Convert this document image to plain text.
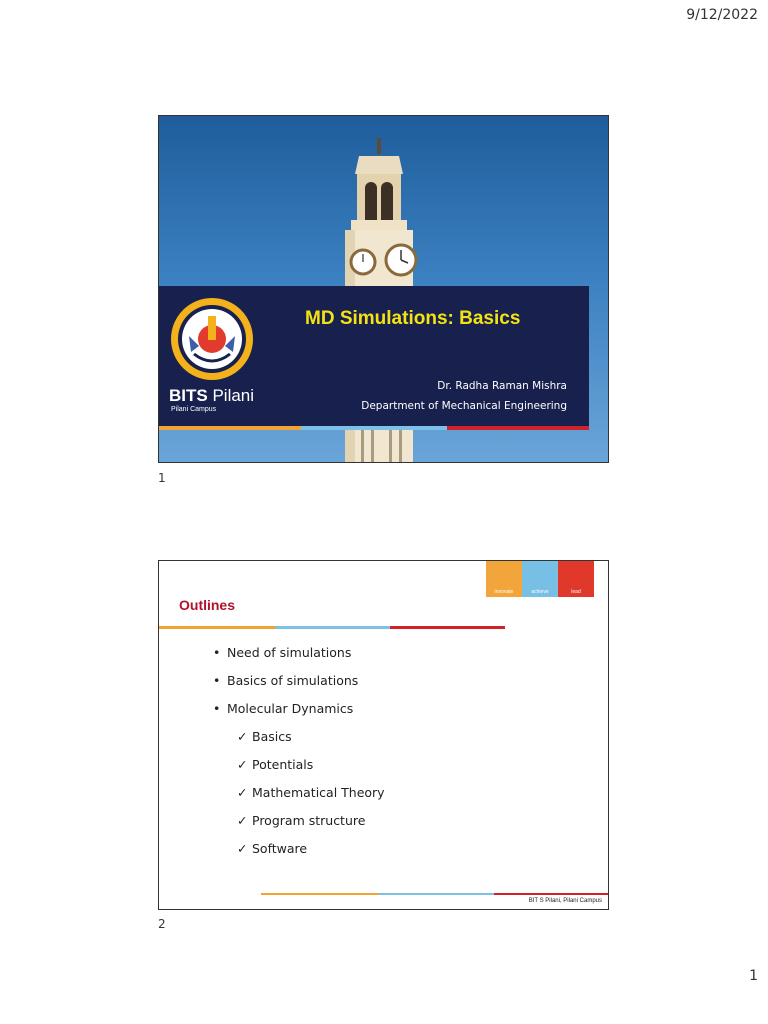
9/12/2022
BITS Pilani
Pilani Campus
MD Simulations: Basics
Dr. Radha Raman Mishra
Department of Mechanical Engineering
1
innovate	achieve	lead
Outlines
• Need of simulations
• Basics of simulations
• Molecular Dynamics
✓ Basics
✓ Potentials
✓ Mathematical Theory
✓ Program structure
✓ Software
BIT S Pilani, Pilani Campus
2
1
